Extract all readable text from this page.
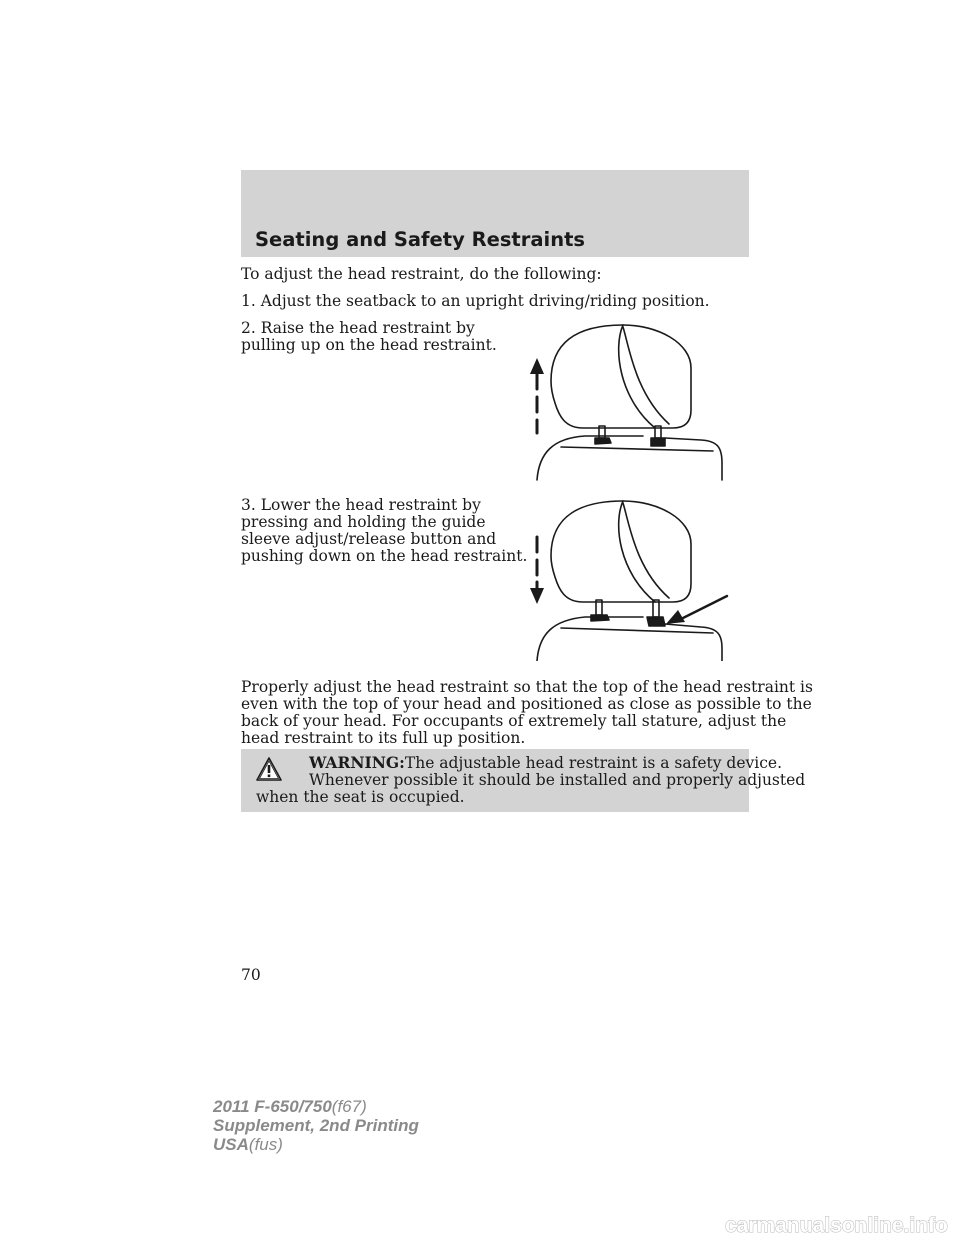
Seating and Safety Restraints

To adjust the head restraint, do the following:

1. Adjust the seatback to an upright driving/riding position.

2. Raise the head restraint by
pulling up on the head restraint.

3. Lower the head restraint by
pressing and holding the guide
sleeve adjust/release button and
pushing down on the head restraint.

Properly adjust the head restraint so that the top of the head restraint is
even with the top of your head and positioned as close as possible to the
back of your head. For occupants of extremely tall stature, adjust the
head restraint to its full up position.

WARNING:The adjustable head restraint is a safety device.
Whenever possible it should be installed and properly adjusted
when the seat is occupied.
70
2011 F-650/750(f67)
Supplement, 2nd Printing
USA(fus)
carmanualsonline.info
